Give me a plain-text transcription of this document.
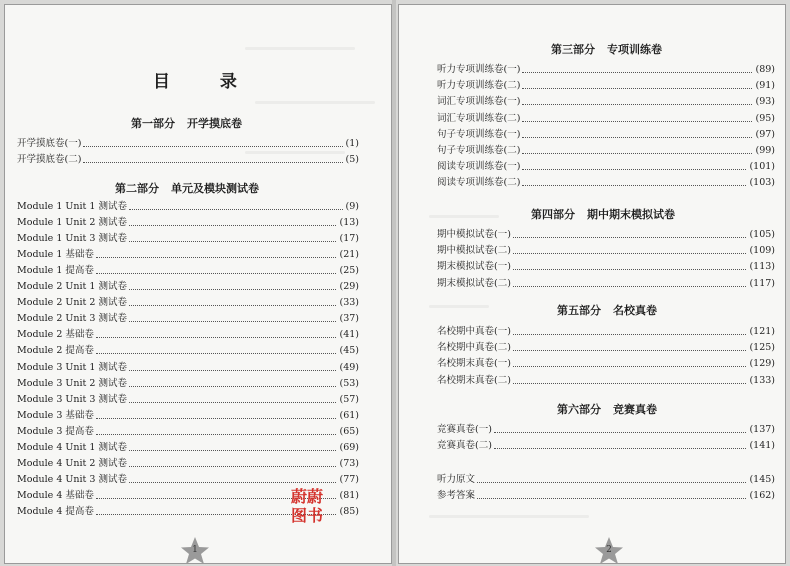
目 录
第一部分 开学摸底卷
开学摸底卷(一)	(1)
开学摸底卷(二)	(5)
第二部分 单元及模块测试卷
Module 1 Unit 1 测试卷	(9)
Module 1 Unit 2 测试卷	(13)
Module 1 Unit 3 测试卷	(17)
Module 1 基础卷	(21)
Module 1 提高卷	(25)
Module 2 Unit 1 测试卷	(29)
Module 2 Unit 2 测试卷	(33)
Module 2 Unit 3 测试卷	(37)
Module 2 基础卷	(41)
Module 2 提高卷	(45)
Module 3 Unit 1 测试卷	(49)
Module 3 Unit 2 测试卷	(53)
Module 3 Unit 3 测试卷	(57)
Module 3 基础卷	(61)
Module 3 提高卷	(65)
Module 4 Unit 1 测试卷	(69)
Module 4 Unit 2 测试卷	(73)
Module 4 Unit 3 测试卷	(77)
Module 4 基础卷	(81)
Module 4 提高卷	(85)
蔚蔚
图书
1
第三部分 专项训练卷
听力专项训练卷(一)	(89)
听力专项训练卷(二)	(91)
词汇专项训练卷(一)	(93)
词汇专项训练卷(二)	(95)
句子专项训练卷(一)	(97)
句子专项训练卷(二)	(99)
阅读专项训练卷(一)	(101)
阅读专项训练卷(二)	(103)
第四部分 期中期末模拟试卷
期中模拟试卷(一)	(105)
期中模拟试卷(二)	(109)
期末模拟试卷(一)	(113)
期末模拟试卷(二)	(117)
第五部分 名校真卷
名校期中真卷(一)	(121)
名校期中真卷(二)	(125)
名校期末真卷(一)	(129)
名校期末真卷(二)	(133)
第六部分 竞赛真卷
竞赛真卷(一)	(137)
竞赛真卷(二)	(141)
听力原文	(145)
参考答案	(162)
2
